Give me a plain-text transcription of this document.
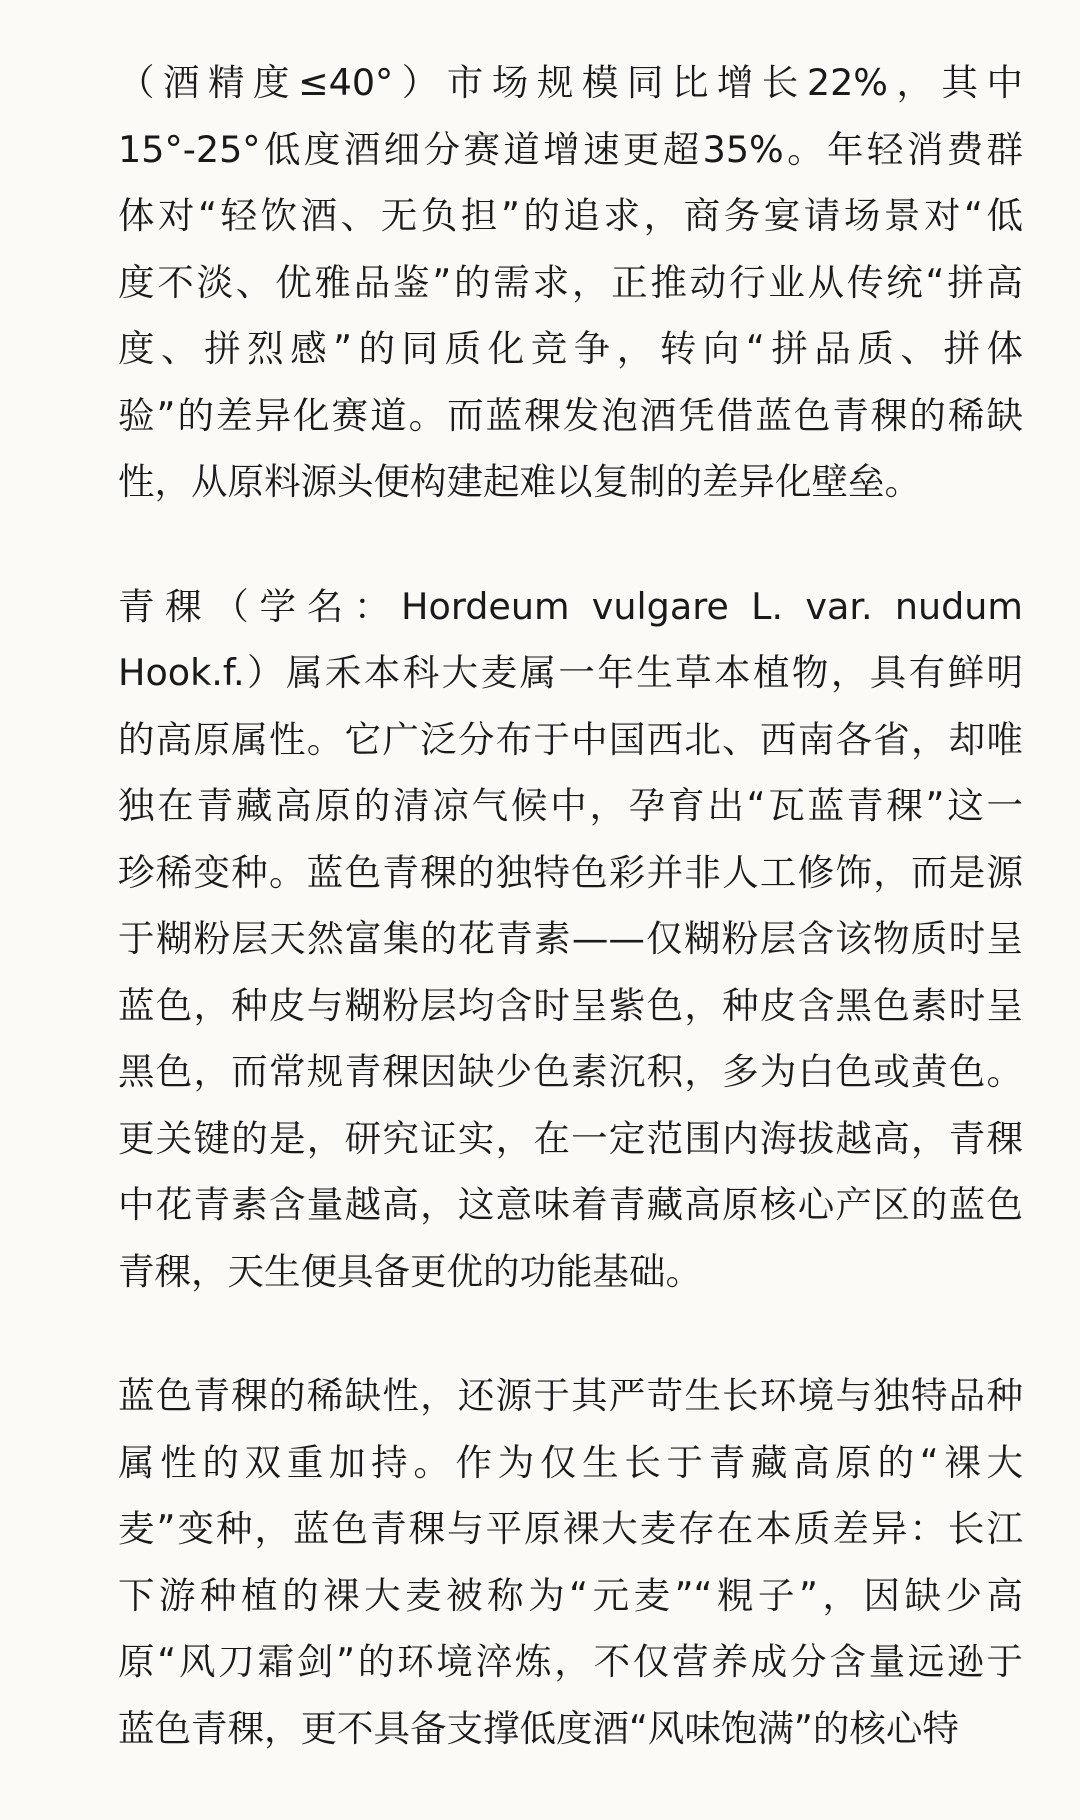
（酒精度≤40°）市场规模同比增长22%，其中
15°-25°低度酒细分赛道增速更超35%。年轻消费群
体对“轻饮酒、无负担”的追求，商务宴请场景对“低
度不淡、优雅品鉴”的需求，正推动行业从传统“拼高
度、拼烈感”的同质化竞争，转向“拼品质、拼体
验”的差异化赛道。而蓝稞发泡酒凭借蓝色青稞的稀缺
性，从原料源头便构建起难以复制的差异化壁垒。
青稞（学名：Hordeum vulgare L. var. nudum
Hook.f.）属禾本科大麦属一年生草本植物，具有鲜明
的高原属性。它广泛分布于中国西北、西南各省，却唯
独在青藏高原的清凉气候中，孕育出“瓦蓝青稞”这一
珍稀变种。蓝色青稞的独特色彩并非人工修饰，而是源
于糊粉层天然富集的花青素——仅糊粉层含该物质时呈
蓝色，种皮与糊粉层均含时呈紫色，种皮含黑色素时呈
黑色，而常规青稞因缺少色素沉积，多为白色或黄色。
更关键的是，研究证实，在一定范围内海拔越高，青稞
中花青素含量越高，这意味着青藏高原核心产区的蓝色
青稞，天生便具备更优的功能基础。
蓝色青稞的稀缺性，还源于其严苛生长环境与独特品种
属性的双重加持。作为仅生长于青藏高原的“裸大
麦”变种，蓝色青稞与平原裸大麦存在本质差异：长江
下游种植的裸大麦被称为“元麦”“粯子”，因缺少高
原“风刀霜剑”的环境淬炼，不仅营养成分含量远逊于
蓝色青稞，更不具备支撑低度酒“风味饱满”的核心特
